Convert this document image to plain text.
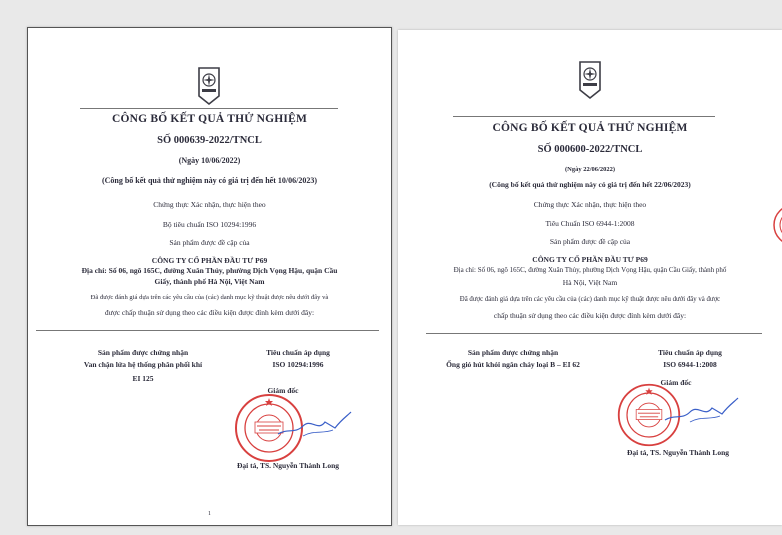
CÔNG BỐ KẾT QUẢ THỬ NGHIỆM
SỐ 000639-2022/TNCL
(Ngày 10/06/2022)
(Công bố kết quả thử nghiệm này có giá trị đến hết 10/06/2023)
Chứng thực Xác nhận, thực hiện theo
Bộ tiêu chuẩn ISO 10294:1996
Sản phẩm được đề cập của
CÔNG TY CỔ PHẦN ĐẦU TƯ P69
Địa chỉ: Số 06, ngõ 165C, đường Xuân Thủy, phường Dịch Vọng Hậu, quận Cầu
Giấy, thành phố Hà Nội, Việt Nam
Đã được đánh giá dựa trên các yêu cầu của (các) danh mục kỹ thuật được nêu dưới đây và
được chấp thuận sử dụng theo các điều kiện được đính kèm dưới đây:
Sản phẩm được chứng nhận
Van chặn lửa hệ thống phân phối khí
EI 125
Tiêu chuẩn áp dụng
ISO 10294:1996
Giám đốc
Đại tá, TS. Nguyễn Thành Long
1
CÔNG BỐ KẾT QUẢ THỬ NGHIỆM
SỐ 000600-2022/TNCL
(Ngày 22/06/2022)
(Công bố kết quả thử nghiệm này có giá trị đến hết 22/06/2023)
Chứng thực Xác nhận, thực hiện theo
Tiêu Chuẩn ISO 6944-1:2008
Sản phẩm được đề cập của
CÔNG TY CỔ PHẦN ĐẦU TƯ P69
Địa chỉ: Số 06, ngõ 165C, đường Xuân Thủy, phường Dịch Vọng Hậu, quận Cầu Giấy, thành phố
Hà Nội, Việt Nam
Đã được đánh giá dựa trên các yêu cầu của (các) danh mục kỹ thuật được nêu dưới đây và được
chấp thuận sử dụng theo các điều kiện được đính kèm dưới đây:
Sản phẩm được chứng nhận
Ống gió hút khói ngăn cháy loại B – EI 62
Tiêu chuẩn áp dụng
ISO 6944-1:2008
Giám đốc
Đại tá, TS. Nguyễn Thành Long
